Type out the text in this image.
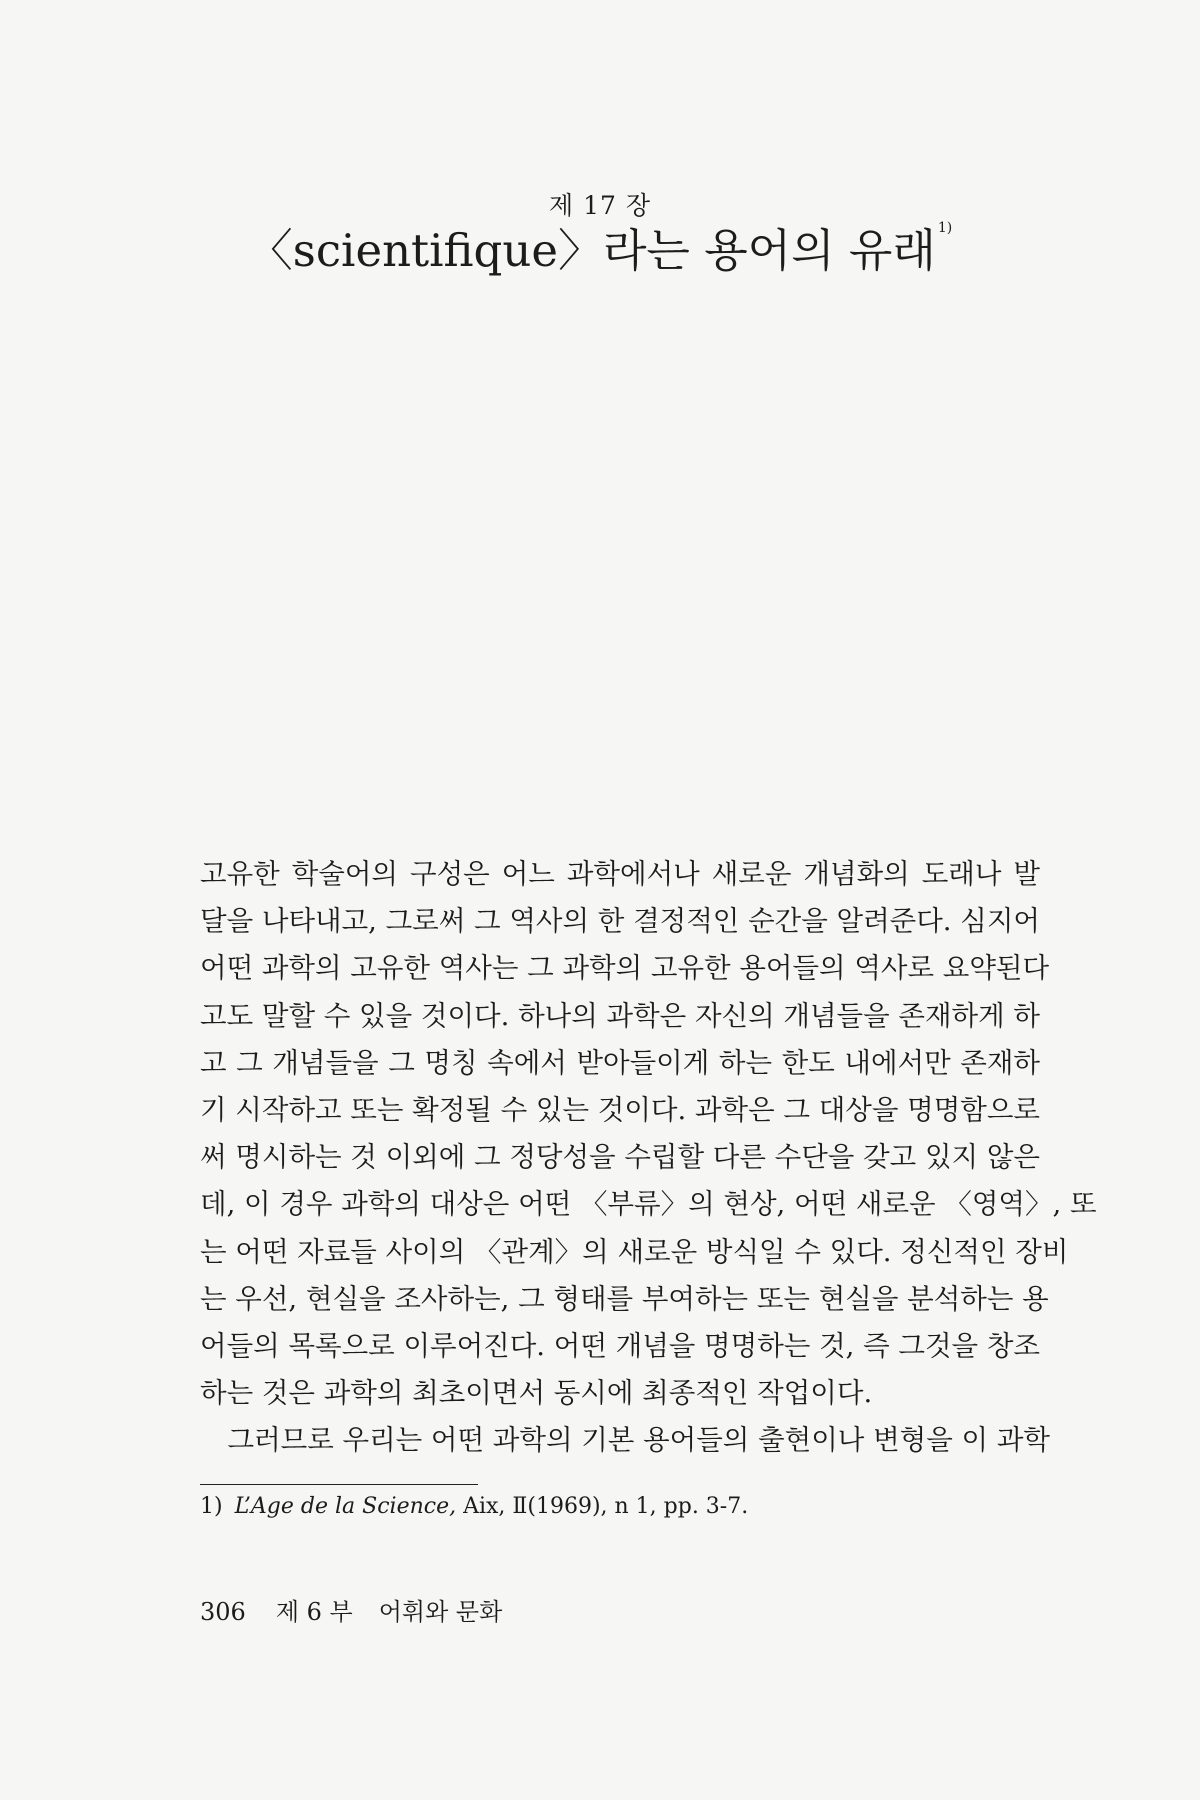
제 17 장
〈scientifique〉라는 용어의 유래 $^{1)}$
고유한 학술어의 구성은 어느 과학에서나 새로운 개념화의 도래나 발
달을 나타내고, 그로써 그 역사의 한 결정적인 순간을 알려준다. 심지어
어떤 과학의 고유한 역사는 그 과학의 고유한 용어들의 역사로 요약된다
고도 말할 수 있을 것이다. 하나의 과학은 자신의 개념들을 존재하게 하
고 그 개념들을 그 명칭 속에서 받아들이게 하는 한도 내에서만 존재하
기 시작하고 또는 확정될 수 있는 것이다. 과학은 그 대상을 명명함으로
써 명시하는 것 이외에 그 정당성을 수립할 다른 수단을 갖고 있지 않은
데, 이 경우 과학의 대상은 어떤 〈부류〉의 현상, 어떤 새로운 〈영역〉, 또
는 어떤 자료들 사이의 〈관계〉의 새로운 방식일 수 있다. 정신적인 장비
는 우선, 현실을 조사하는, 그 형태를 부여하는 또는 현실을 분석하는 용
어들의 목록으로 이루어진다. 어떤 개념을 명명하는 것, 즉 그것을 창조
하는 것은 과학의 최초이면서 동시에 최종적인 작업이다.
　그러므로 우리는 어떤 과학의 기본 용어들의 출현이나 변형을 이 과학
1) L’Age de la Science, Aix, Ⅱ(1969), n 1, pp. 3-7.
306 제 6 부 어휘와 문화
